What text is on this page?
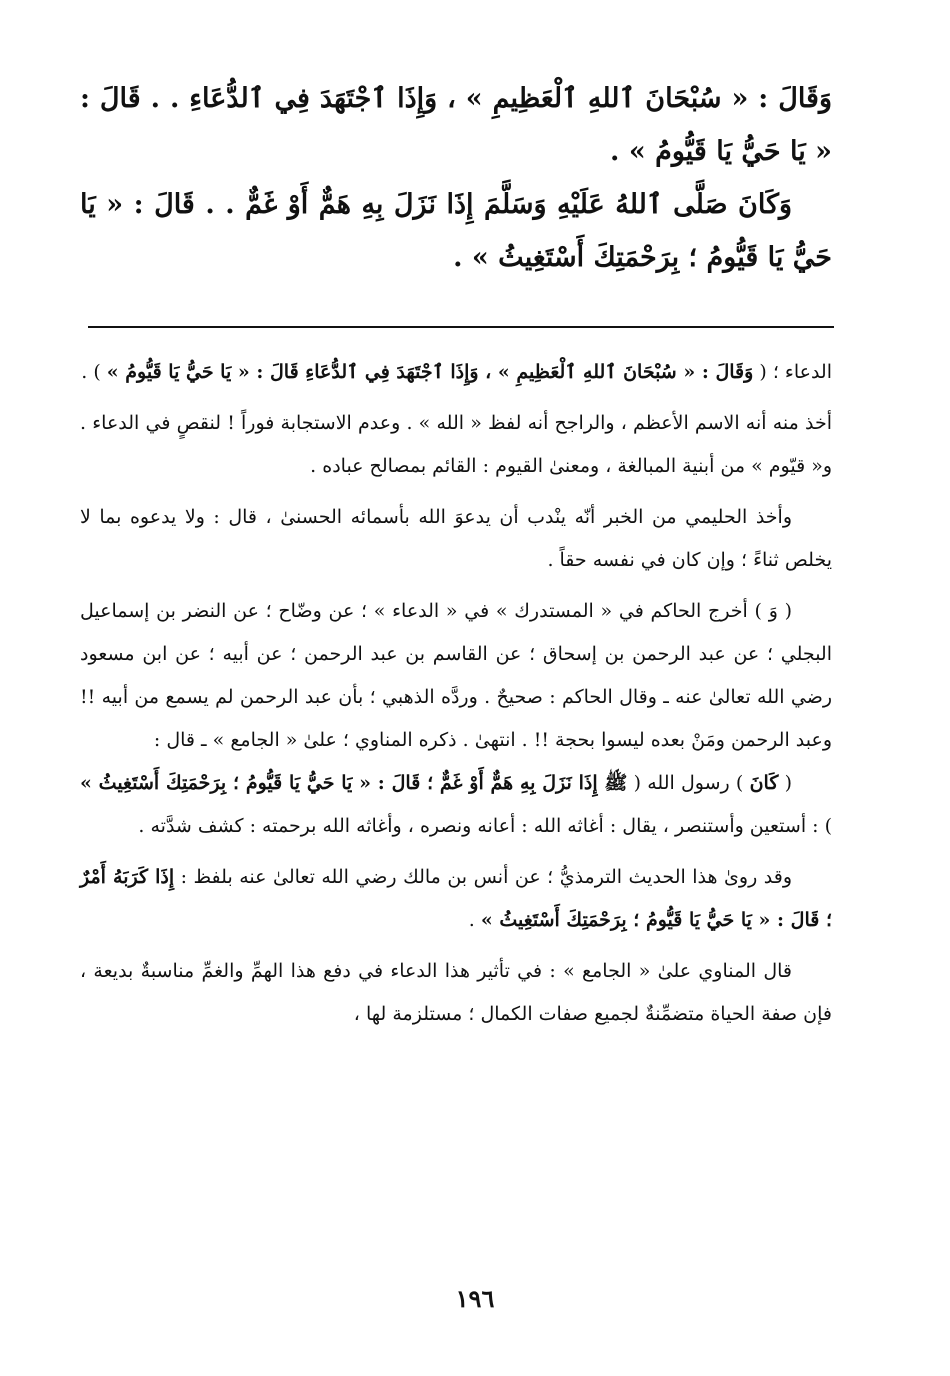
وَقَالَ : « سُبْحَانَ ٱللهِ ٱلْعَظِيمِ » ، وَإِذَا ٱجْتَهَدَ فِي ٱلدُّعَاءِ . . قَالَ : « يَا حَيُّ يَا قَيُّومُ » .

وَكَانَ صَلَّى ٱللهُ عَلَيْهِ وَسَلَّمَ إِذَا نَزَلَ بِهِ هَمٌّ أَوْ غَمٌّ . . قَالَ : « يَا حَيُّ يَا قَيُّومُ ؛ بِرَحْمَتِكَ أَسْتَغِيثُ » .

الدعاء ؛ ( وَقَالَ : « سُبْحَانَ ٱللهِ ٱلْعَظِيمِ » ، وَإِذَا ٱجْتَهَدَ فِي ٱلدُّعَاءِ قَالَ : « يَا حَيُّ يَا قَيُّومُ » ) .

أخذ منه أنه الاسم الأعظم ، والراجح أنه لفظ « الله » . وعدم الاستجابة فوراً ! لنقصٍ في الدعاء . و« قيّوم » من أبنية المبالغة ، ومعنىٰ القيوم : القائم بمصالح عباده .

وأخذ الحليمي من الخبر أنّه ينْدب أن يدعوَ الله بأسمائه الحسنىٰ ، قال : ولا يدعوه بما لا يخلص ثناءً ؛ وإن كان في نفسه حقاً .

( وَ ) أخرج الحاكم في « المستدرك » في « الدعاء » ؛ عن وضّاح ؛ عن النضر بن إسماعيل البجلي ؛ عن عبد الرحمن بن إسحاق ؛ عن القاسم بن عبد الرحمن ؛ عن أبيه ؛ عن ابن مسعود رضي الله تعالىٰ عنه ـ وقال الحاكم : صحيحٌ . وردَّه الذهبي ؛ بأن عبد الرحمن لم يسمع من أبيه !! وعبد الرحمن ومَنْ بعده ليسوا بحجة !! . انتهىٰ . ذكره المناوي ؛ علىٰ « الجامع » ـ قال :

( كَانَ ) رسول الله ( ﷺ إِذَا نَزَلَ بِهِ هَمٌّ أَوْ غَمٌّ ؛ قَالَ : « يَا حَيُّ يَا قَيُّومُ ؛ بِرَحْمَتِكَ أَسْتَغِيثُ » ) : أستعين وأستنصر ، يقال : أغاثه الله : أعانه ونصره ، وأغاثه الله برحمته : كشف شدَّته .

وقد روىٰ هذا الحديث الترمذيُّ ؛ عن أنس بن مالك رضي الله تعالىٰ عنه بلفظ : إِذَا كَرَبَهُ أَمْرٌ ؛ قَالَ : « يَا حَيُّ يَا قَيُّومُ ؛ بِرَحْمَتِكَ أَسْتَغِيثُ » .

قال المناوي علىٰ « الجامع » : في تأثير هذا الدعاء في دفع هذا الهمِّ والغمِّ مناسبةٌ بديعة ، فإن صفة الحياة متضمِّنةٌ لجميع صفات الكمال ؛ مستلزمة لها ،

١٩٦
